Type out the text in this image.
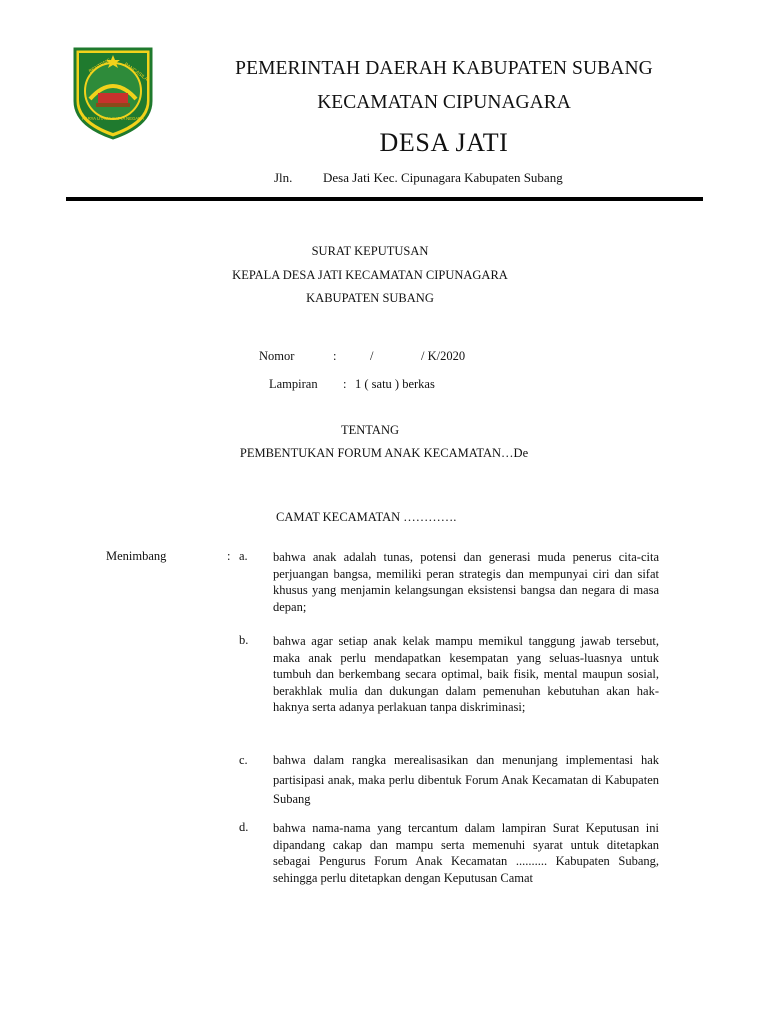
BENTENG PANCASILA
KARYA UTAMA SATYA NEGARA
PEMERINTAH DAERAH KABUPATEN SUBANG
KECAMATAN CIPUNAGARA
DESA JATI
Jln. Desa Jati Kec. Cipunagara Kabupaten Subang
SURAT KEPUTUSAN
KEPALA DESA JATI KECAMATAN CIPUNAGARA
KABUPATEN SUBANG
Nomor	:	/	/ K/2020
Lampiran : 1 ( satu ) berkas
TENTANG
PEMBENTUKAN FORUM ANAK KECAMATAN…De
CAMAT KECAMATAN ………….
Menimbang	: a. bahwa anak adalah tunas, potensi dan generasi muda penerus cita-cita perjuangan bangsa, memiliki peran strategis dan mempunyai ciri dan sifat khusus yang menjamin kelangsungan eksistensi bangsa dan negara di masa depan;
b. bahwa agar setiap anak kelak mampu memikul tanggung jawab tersebut, maka anak perlu mendapatkan kesempatan yang seluas-luasnya untuk tumbuh dan berkembang secara optimal, baik fisik, mental maupun sosial, berakhlak mulia dan dukungan dalam pemenuhan kebutuhan akan hak-haknya serta adanya perlakuan tanpa diskriminasi;
c. bahwa dalam rangka merealisasikan dan menunjang implementasi hak partisipasi anak, maka perlu dibentuk Forum Anak Kecamatan di Kabupaten Subang
d. bahwa nama-nama yang tercantum dalam lampiran Surat Keputusan ini dipandang cakap dan mampu serta memenuhi syarat untuk ditetapkan sebagai Pengurus Forum Anak Kecamatan .......... Kabupaten Subang, sehingga perlu ditetapkan dengan Keputusan Camat
